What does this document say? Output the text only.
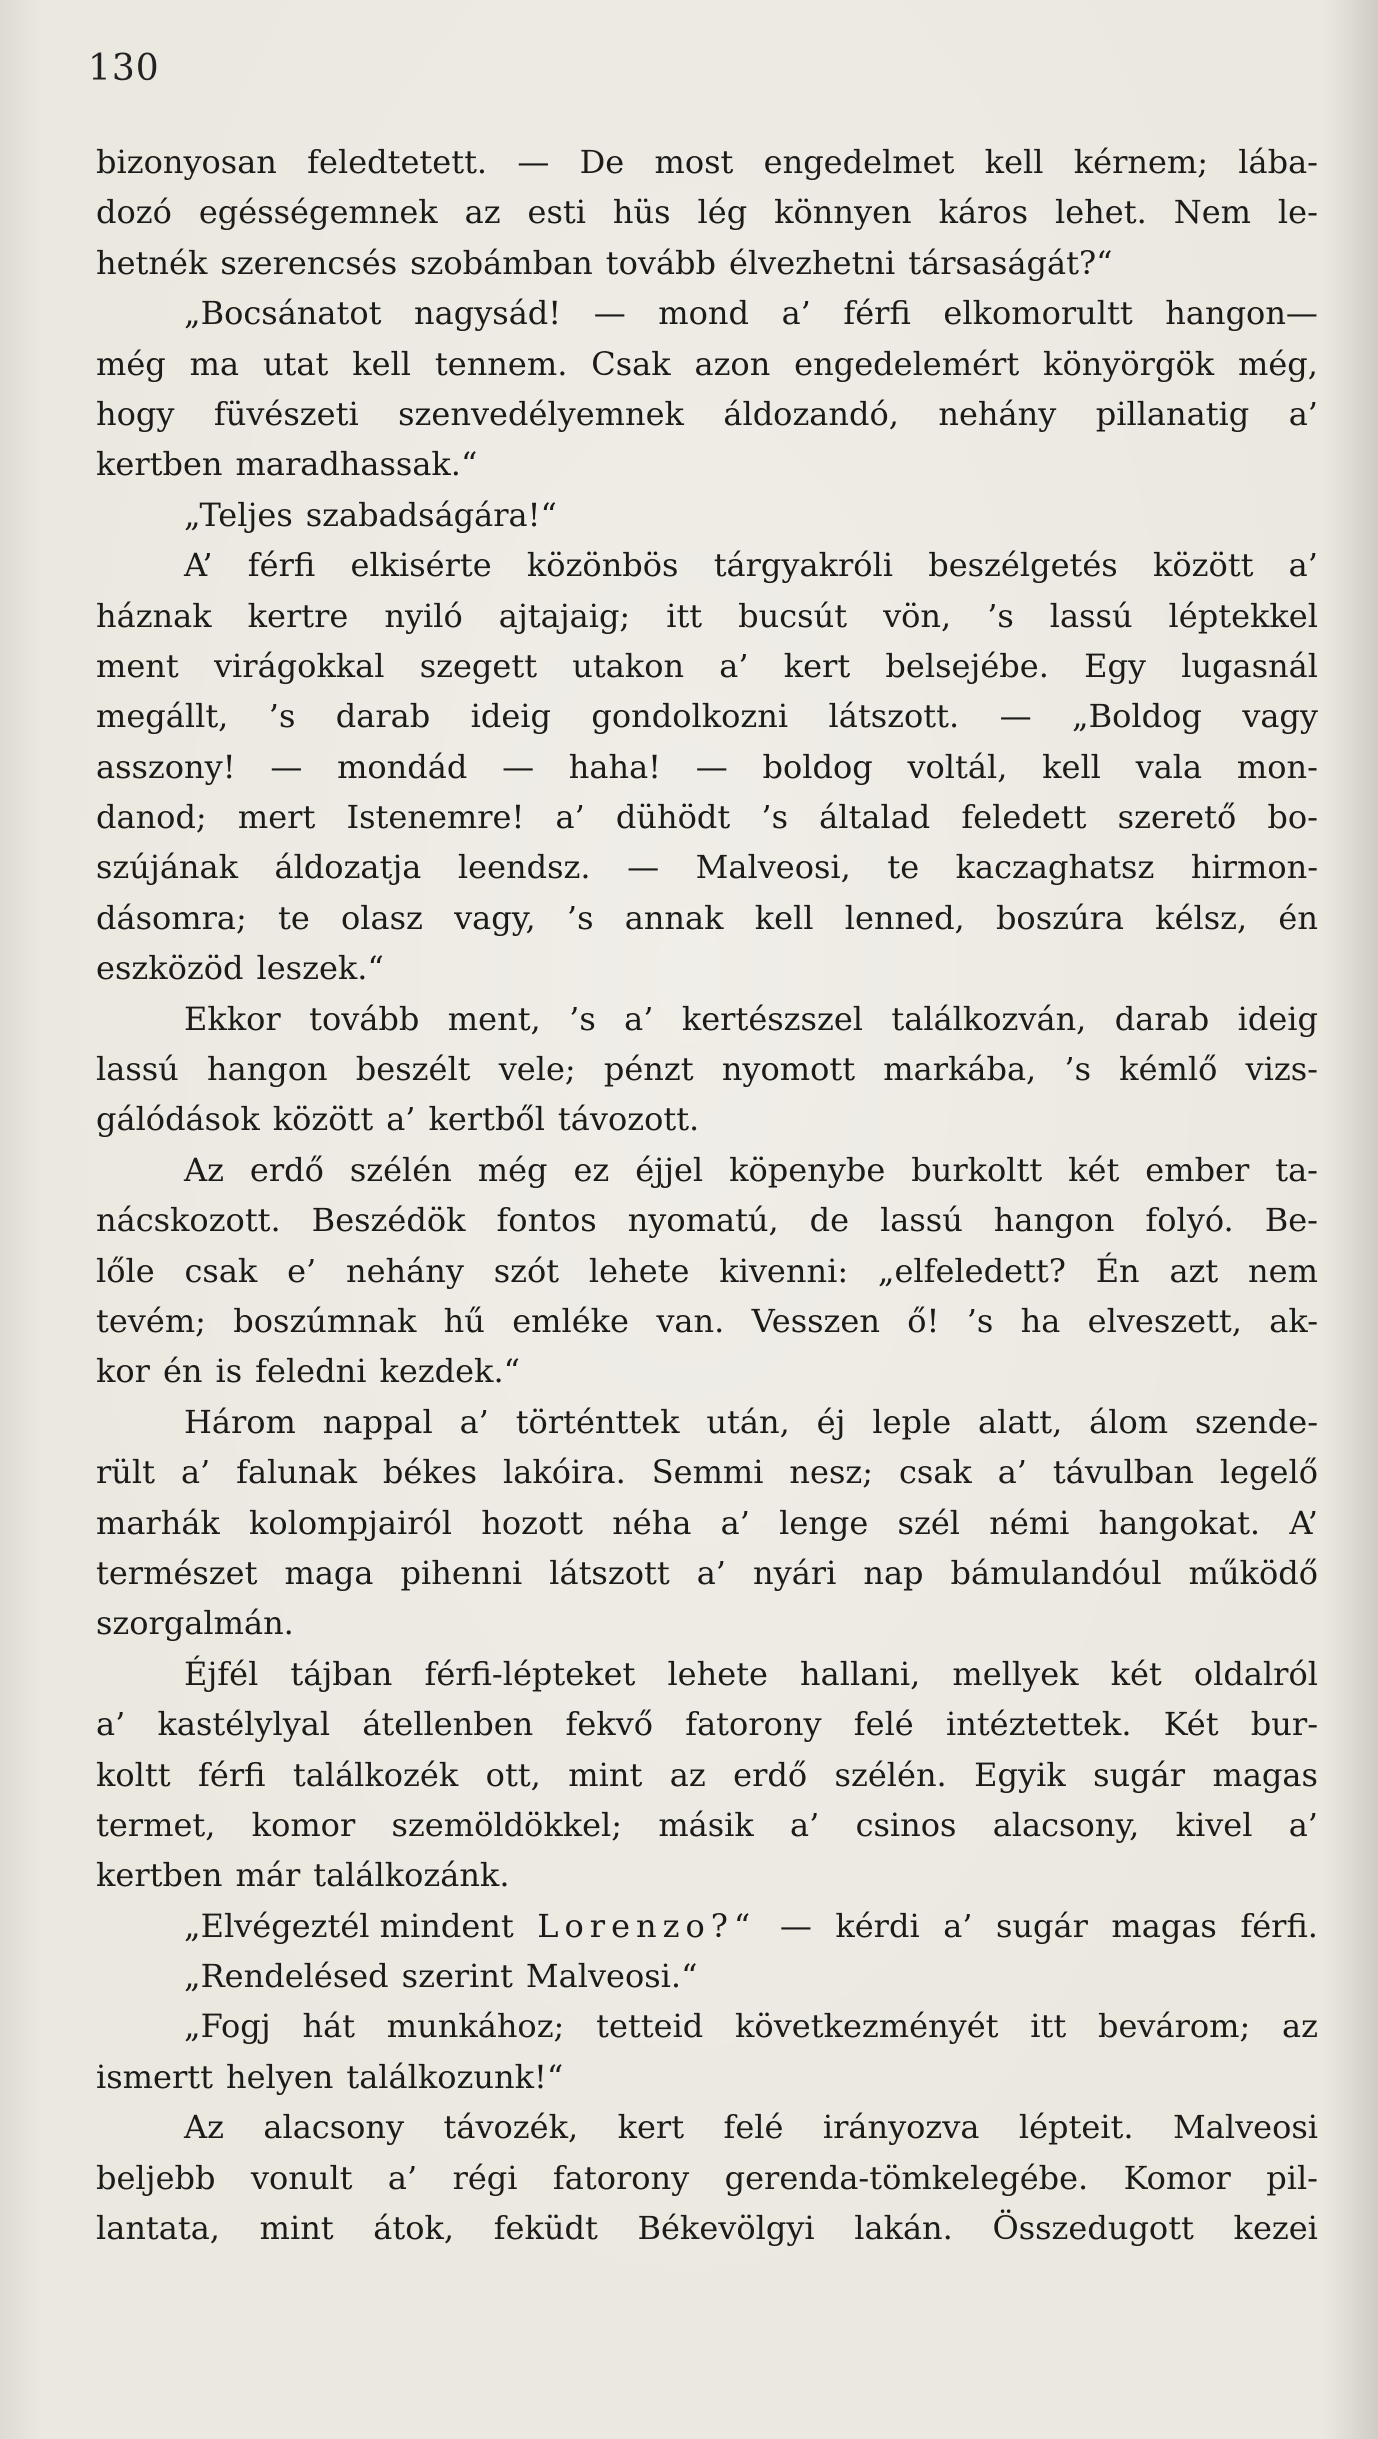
130
bizonyosan feledtetett. — De most engedelmet kell kérnem; lába-
dozó egésségemnek az esti hüs lég könnyen káros lehet. Nem le-
hetnék szerencsés szobámban tovább élvezhetni társaságát?“
„Bocsánatot nagysád! — mond a’ férfi elkomorultt hangon—
még ma utat kell tennem. Csak azon engedelemért könyörgök még,
hogy füvészeti szenvedélyemnek áldozandó, nehány pillanatig a’
kertben maradhassak.“
„Teljes szabadságára!“
A’ férfi elkisérte közönbös tárgyakróli beszélgetés között a’
háznak kertre nyiló ajtajaig; itt bucsút vön, ’s lassú léptekkel
ment virágokkal szegett utakon a’ kert belsejébe. Egy lugasnál
megállt, ’s darab ideig gondolkozni látszott. — „Boldog vagy
asszony! — mondád — haha! — boldog voltál, kell vala mon-
danod; mert Istenemre! a’ dühödt ’s általad feledett szerető bo-
szújának áldozatja leendsz. — Malveosi, te kaczaghatsz hirmon-
dásomra; te olasz vagy, ’s annak kell lenned, boszúra kélsz, én
eszközöd leszek.“
Ekkor tovább ment, ’s a’ kertészszel találkozván, darab ideig
lassú hangon beszélt vele; pénzt nyomott markába, ’s kémlő vizs-
gálódások között a’ kertből távozott.
Az erdő szélén még ez éjjel köpenybe burkoltt két ember ta-
nácskozott. Beszédök fontos nyomatú, de lassú hangon folyó. Be-
lőle csak e’ nehány szót lehete kivenni: „elfeledett? Én azt nem
tevém; boszúmnak hű emléke van. Vesszen ő! ’s ha elveszett, ak-
kor én is feledni kezdek.“
Három nappal a’ történttek után, éj leple alatt, álom szende-
rült a’ falunak békes lakóira. Semmi nesz; csak a’ távulban legelő
marhák kolompjairól hozott néha a’ lenge szél némi hangokat. A’
természet maga pihenni látszott a’ nyári nap bámulandóul működő
szorgalmán.
Éjfél tájban férfi-lépteket lehete hallani, mellyek két oldalról
a’ kastélylyal átellenben fekvő fatorony felé intéztettek. Két bur-
koltt férfi találkozék ott, mint az erdő szélén. Egyik sugár magas
termet, komor szemöldökkel; másik a’ csinos alacsony, kivel a’
kertben már találkozánk.
„Elvégeztél mindent Lorenzo?“ — kérdi a’ sugár magas férfi.
„Rendelésed szerint Malveosi.“
„Fogj hát munkához; tetteid következményét itt bevárom; az
ismertt helyen találkozunk!“
Az alacsony távozék, kert felé irányozva lépteit. Malveosi
beljebb vonult a’ régi fatorony gerenda-tömkelegébe. Komor pil-
lantata, mint átok, feküdt Békevölgyi lakán. Összedugott kezei
